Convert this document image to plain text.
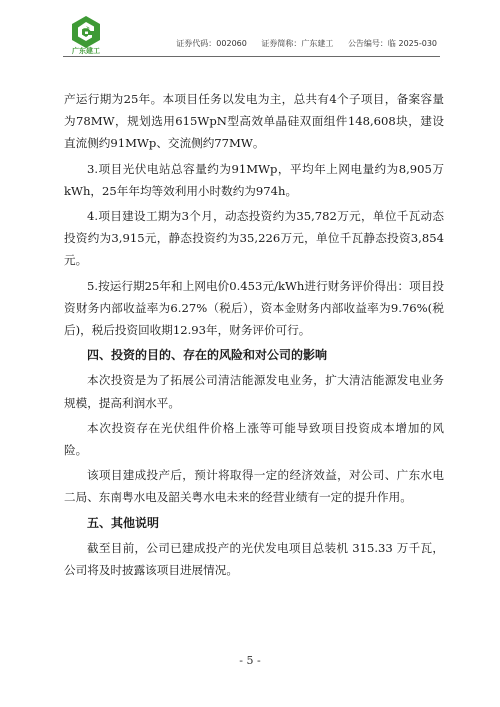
广东建工
证券代码：002060 证券简称：广东建工 公告编号：临 2025-030

产运行期为25年。本项目任务以发电为主，总共有4个子项目，备案容量为78MW，规划选用615WpN型高效单晶硅双面组件148,608块，建设直流侧约91MWp、交流侧约77MW。

3.项目光伏电站总容量约为91MWp，平均年上网电量约为8,905万kWh，25年年均等效利用小时数约为974h。

4.项目建设工期为3个月，动态投资约为35,782万元，单位千瓦动态投资约为3,915元，静态投资约为35,226万元，单位千瓦静态投资3,854元。

5.按运行期25年和上网电价0.453元/kWh进行财务评价得出：项目投资财务内部收益率为6.27%（税后），资本金财务内部收益率为9.76%(税后)，税后投资回收期12.93年，财务评价可行。

四、投资的目的、存在的风险和对公司的影响

本次投资是为了拓展公司清洁能源发电业务，扩大清洁能源发电业务规模，提高利润水平。

本次投资存在光伏组件价格上涨等可能导致项目投资成本增加的风险。

该项目建成投产后，预计将取得一定的经济效益，对公司、广东水电二局、东南粤水电及韶关粤水电未来的经营业绩有一定的提升作用。

五、其他说明

截至目前，公司已建成投产的光伏发电项目总装机 315.33 万千瓦，公司将及时披露该项目进展情况。

- 5 -
